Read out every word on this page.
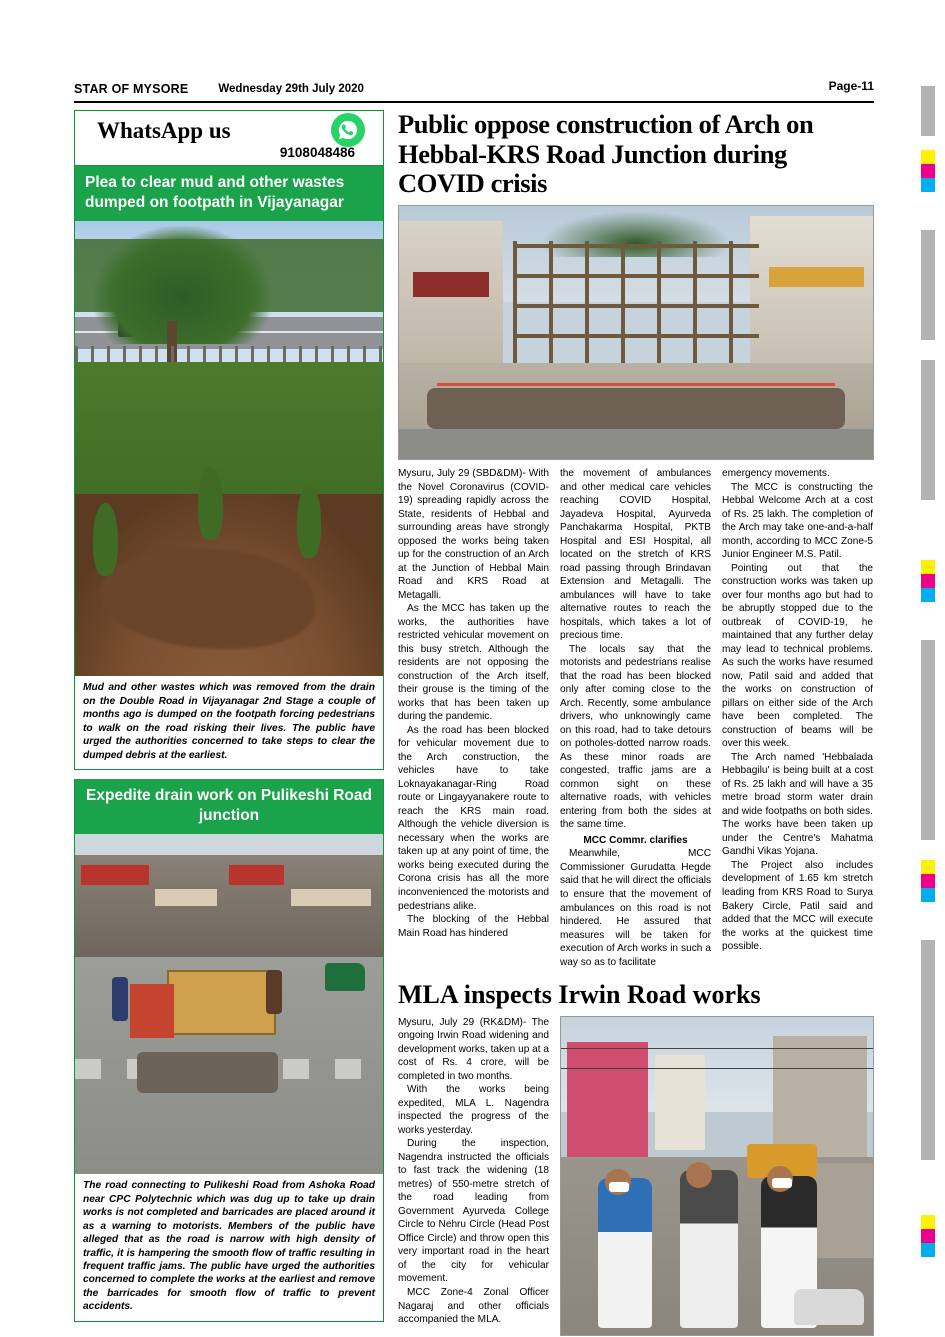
STAR OF MYSORE	Wednesday 29th July 2020	Page-11
WhatsApp us
9108048486
Plea to clear mud and other wastes dumped on footpath in Vijayanagar
Mud and other wastes which was removed from the drain on the Double Road in Vijayanagar 2nd Stage a couple of months ago is dumped on the footpath forcing pedestrians to walk on the road risking their lives. The public have urged the authorities concerned to take steps to clear the dumped debris at the earliest.
Expedite drain work on Pulikeshi Road junction
The road connecting to Pulikeshi Road from Ashoka Road near CPC Polytechnic which was dug up to take up drain works is not completed and barricades are placed around it as a warning to motorists. Members of the public have alleged that as the road is narrow with high density of traffic, it is hampering the smooth flow of traffic resulting in frequent traffic jams. The public have urged the authorities concerned to complete the works at the earliest and remove the barricades for smooth flow of traffic to prevent accidents.
Public oppose construction of Arch on Hebbal-KRS Road Junction during COVID crisis

Mysuru, July 29 (SBD&DM)- With the Novel Coronavirus (COVID-19) spreading rapidly across the State, residents of Hebbal and surrounding areas have strongly opposed the works being taken up for the construction of an Arch at the Junction of Hebbal Main Road and KRS Road at Metagalli.

As the MCC has taken up the works, the authorities have restricted vehicular movement on this busy stretch. Although the residents are not opposing the construction of the Arch itself, their grouse is the timing of the works that has been taken up during the pandemic.

As the road has been blocked for vehicular movement due to the Arch construction, the vehicles have to take Loknayakanagar-Ring Road route or Lingayyanakere route to reach the KRS main road. Although the vehicle diversion is necessary when the works are taken up at any point of time, the works being executed during the Corona crisis has all the more inconvenienced the motorists and pedestrians alike.

The blocking of the Hebbal Main Road has hindered

the movement of ambulances and other medical care vehicles reaching COVID Hospital, Jayadeva Hospital, Ayurveda Panchakarma Hospital, PKTB Hospital and ESI Hospital, all located on the stretch of KRS road passing through Brindavan Extension and Metagalli. The ambulances will have to take alternative routes to reach the hospitals, which takes a lot of precious time.

The locals say that the motorists and pedestrians realise that the road has been blocked only after coming close to the Arch. Recently, some ambulance drivers, who unknowingly came on this road, had to take detours on potholes-dotted narrow roads. As these minor roads are congested, traffic jams are a common sight on these alternative roads, with vehicles entering from both the sides at the same time.

MCC Commr. clarifies

Meanwhile, MCC Commissioner Gurudatta Hegde said that he will direct the officials to ensure that the movement of ambulances on this road is not hindered. He assured that measures will be taken for execution of Arch works in such a way so as to facilitate

emergency movements.

The MCC is constructing the Hebbal Welcome Arch at a cost of Rs. 25 lakh. The completion of the Arch may take one-and-a-half month, according to MCC Zone-5 Junior Engineer M.S. Patil.

Pointing out that the construction works was taken up over four months ago but had to be abruptly stopped due to the outbreak of COVID-19, he maintained that any further delay may lead to technical problems. As such the works have resumed now, Patil said and added that the works on construction of pillars on either side of the Arch have been completed. The construction of beams will be over this week.

The Arch named 'Hebbalada Hebbagilu' is being built at a cost of Rs. 25 lakh and will have a 35 metre broad storm water drain and wide footpaths on both sides. The works have been taken up under the Centre's Mahatma Gandhi Vikas Yojana.

The Project also includes development of 1.65 km stretch leading from KRS Road to Surya Bakery Circle, Patil said and added that the MCC will execute the works at the quickest time possible.

MLA inspects Irwin Road works

Mysuru, July 29 (RK&DM)- The ongoing Irwin Road widening and development works, taken up at a cost of Rs. 4 crore, will be completed in two months.

With the works being expedited, MLA L. Nagendra inspected the progress of the works yesterday.

During the inspection, Nagendra instructed the officials to fast track the widening (18 metres) of 550-metre stretch of the road leading from Government Ayurveda College Circle to Nehru Circle (Head Post Office Circle) and throw open this very important road in the heart of the city for vehicular movement.

MCC Zone-4 Zonal Officer Nagaraj and other officials accompanied the MLA.
